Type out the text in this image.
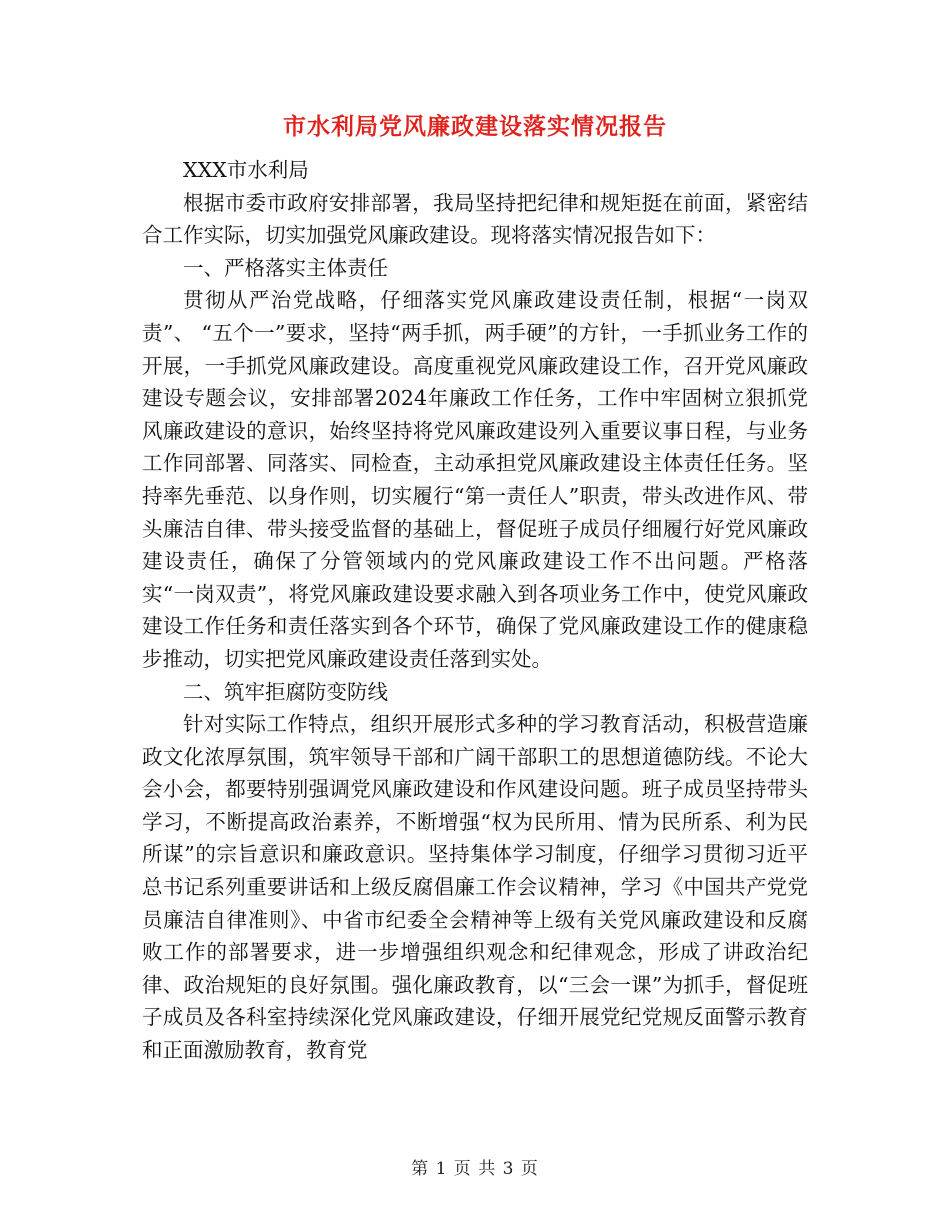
市水利局党风廉政建设落实情况报告

XXX市水利局

根据市委市政府安排部署，我局坚持把纪律和规矩挺在前面，紧密结合工作实际，切实加强党风廉政建设。现将落实情况报告如下：

一、严格落实主体责任

贯彻从严治党战略，仔细落实党风廉政建设责任制，根据“一岗双责”、 “五个一”要求，坚持“两手抓，两手硬”的方针，一手抓业务工作的开展，一手抓党风廉政建设。高度重视党风廉政建设工作，召开党风廉政建设专题会议，安排部署2024年廉政工作任务，工作中牢固树立狠抓党风廉政建设的意识，始终坚持将党风廉政建设列入重要议事日程，与业务工作同部署、同落实、同检查，主动承担党风廉政建设主体责任任务。坚持率先垂范、以身作则，切实履行“第一责任人”职责，带头改进作风、带头廉洁自律、带头接受监督的基础上，督促班子成员仔细履行好党风廉政建设责任，确保了分管领域内的党风廉政建设工作不出问题。严格落实“一岗双责”，将党风廉政建设要求融入到各项业务工作中，使党风廉政建设工作任务和责任落实到各个环节，确保了党风廉政建设工作的健康稳步推动，切实把党风廉政建设责任落到实处。

二、筑牢拒腐防变防线

针对实际工作特点，组织开展形式多种的学习教育活动，积极营造廉政文化浓厚氛围，筑牢领导干部和广阔干部职工的思想道德防线。不论大会小会，都要特别强调党风廉政建设和作风建设问题。班子成员坚持带头学习，不断提高政治素养，不断增强“权为民所用、情为民所系、利为民所谋”的宗旨意识和廉政意识。坚持集体学习制度，仔细学习贯彻习近平总书记系列重要讲话和上级反腐倡廉工作会议精神，学习《中国共产党党员廉洁自律准则》、中省市纪委全会精神等上级有关党风廉政建设和反腐败工作的部署要求，进一步增强组织观念和纪律观念，形成了讲政治纪律、政治规矩的良好氛围。强化廉政教育，以“三会一课”为抓手，督促班子成员及各科室持续深化党风廉政建设，仔细开展党纪党规反面警示教育和正面激励教育，教育党

第 1 页 共 3 页
